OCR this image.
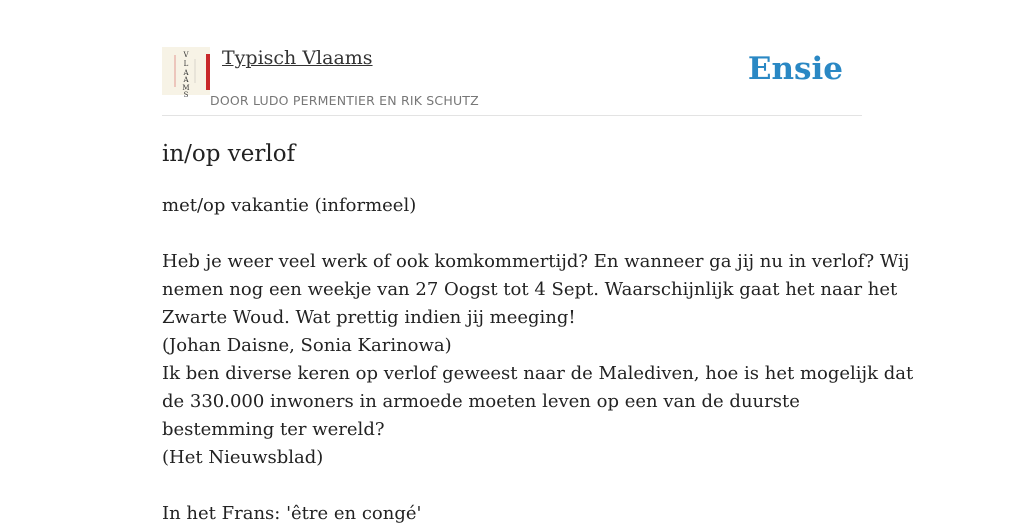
V
L
A
A
M
S
Typisch Vlaams
DOOR LUDO PERMENTIER EN RIK SCHUTZ
Ensie
in/op verlof
met/op vakantie (informeel)
Heb je weer veel werk of ook komkommertijd? En wanneer ga jij nu in verlof? Wij
nemen nog een weekje van 27 Oogst tot 4 Sept. Waarschijnlijk gaat het naar het
Zwarte Woud. Wat prettig indien jij meeging!
(Johan Daisne, Sonia Karinowa)
Ik ben diverse keren op verlof geweest naar de Malediven, hoe is het mogelijk dat
de 330.000 inwoners in armoede moeten leven op een van de duurste
bestemming ter wereld?
(Het Nieuwsblad)
In het Frans: 'être en congé'
